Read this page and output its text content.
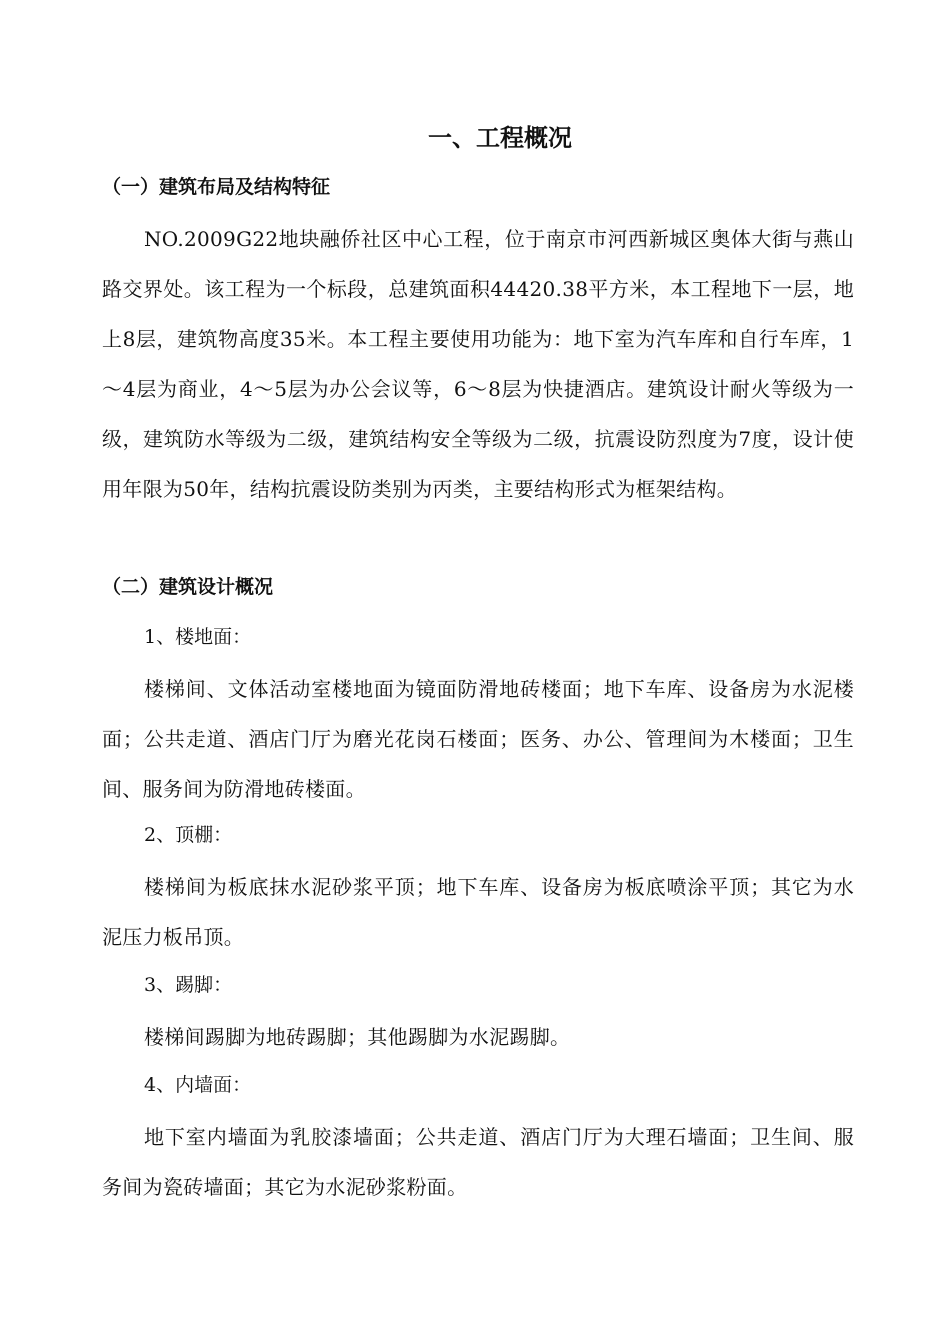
一、工程概况
（一）建筑布局及结构特征

NO.2009G22地块融侨社区中心工程，位于南京市河西新城区奥体大街与燕山路交界处。该工程为一个标段，总建筑面积44420.38平方米，本工程地下一层，地上8层，建筑物高度35米。本工程主要使用功能为：地下室为汽车库和自行车库，1～4层为商业，4～5层为办公会议等，6～8层为快捷酒店。建筑设计耐火等级为一级，建筑防水等级为二级，建筑结构安全等级为二级，抗震设防烈度为7度，设计使用年限为50年，结构抗震设防类别为丙类，主要结构形式为框架结构。

（二）建筑设计概况
1、楼地面：

楼梯间、文体活动室楼地面为镜面防滑地砖楼面；地下车库、设备房为水泥楼面；公共走道、酒店门厅为磨光花岗石楼面；医务、办公、管理间为木楼面；卫生间、服务间为防滑地砖楼面。

2、顶棚：

楼梯间为板底抹水泥砂浆平顶；地下车库、设备房为板底喷涂平顶；其它为水泥压力板吊顶。

3、踢脚：

楼梯间踢脚为地砖踢脚；其他踢脚为水泥踢脚。

4、内墙面：

地下室内墙面为乳胶漆墙面；公共走道、酒店门厅为大理石墙面；卫生间、服务间为瓷砖墙面；其它为水泥砂浆粉面。
